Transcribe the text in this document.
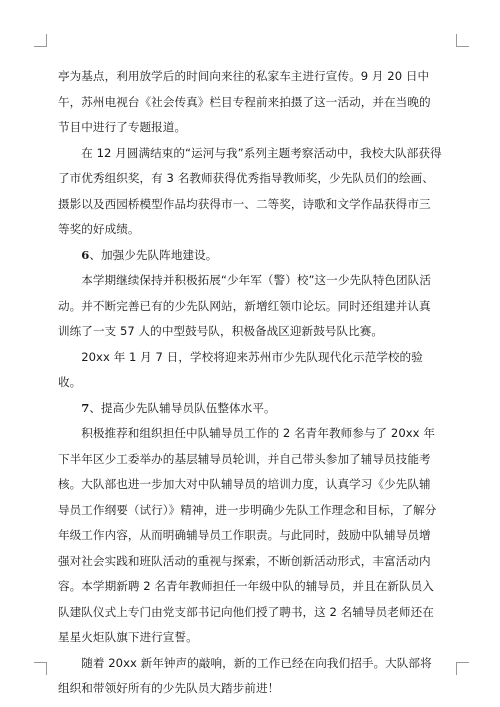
亭为基点，利用放学后的时间向来往的私家车主进行宣传。9 月 20 日中午，苏州电视台《社会传真》栏目专程前来拍摄了这一活动，并在当晚的节目中进行了专题报道。

在 12 月圆满结束的“运河与我”系列主题考察活动中，我校大队部获得了市优秀组织奖，有 3 名教师获得优秀指导教师奖，少先队员们的绘画、摄影以及西园桥模型作品均获得市一、二等奖，诗歌和文学作品获得市三等奖的好成绩。

6、加强少先队阵地建设。

本学期继续保持并积极拓展“少年军（警）校”这一少先队特色团队活动。并不断完善已有的少先队网站，新增红领巾论坛。同时还组建并认真训练了一支 57 人的中型鼓号队，积极备战区迎新鼓号队比赛。

20xx 年 1 月 7 日，学校将迎来苏州市少先队现代化示范学校的验收。

7、提高少先队辅导员队伍整体水平。

积极推荐和组织担任中队辅导员工作的 2 名青年教师参与了 20xx 年下半年区少工委举办的基层辅导员轮训，并自己带头参加了辅导员技能考核。大队部也进一步加大对中队辅导员的培训力度，认真学习《少先队辅导员工作纲要（试行）》精神，进一步明确少先队工作理念和目标，了解分年级工作内容，从而明确辅导员工作职责。与此同时，鼓励中队辅导员增强对社会实践和班队活动的重视与探索，不断创新活动形式，丰富活动内容。本学期新聘 2 名青年教师担任一年级中队的辅导员，并且在新队员入队建队仪式上专门由党支部书记向他们授了聘书，这 2 名辅导员老师还在星星火炬队旗下进行宣誓。

随着 20xx 新年钟声的敲响，新的工作已经在向我们招手。大队部将组织和带领好所有的少先队员大踏步前进！
